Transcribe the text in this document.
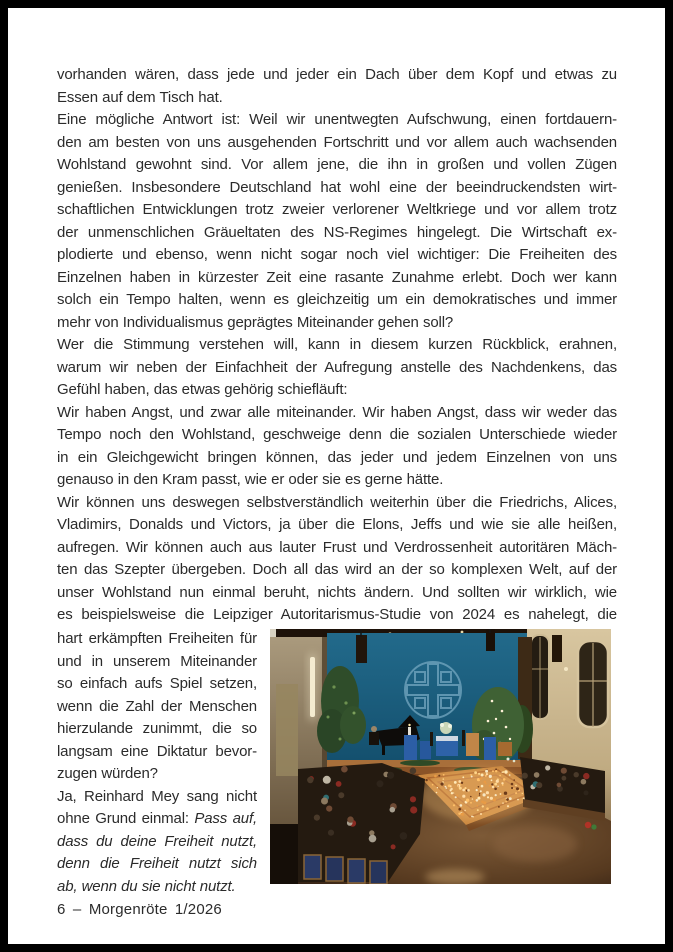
vorhanden wären, dass jede und jeder ein Dach über dem Kopf und etwas zu
Essen auf dem Tisch hat.
Eine mögliche Antwort ist: Weil wir unentwegten Aufschwung, einen fortdauern-
den am besten von uns ausgehenden Fortschritt und vor allem auch wachsenden
Wohlstand gewohnt sind. Vor allem jene, die ihn in großen und vollen Zügen
genießen. Insbesondere Deutschland hat wohl eine der beeindruckendsten wirt-
schaftlichen Entwicklungen trotz zweier verlorener Weltkriege und vor allem trotz
der unmenschlichen Gräueltaten des NS-Regimes hingelegt. Die Wirtschaft ex-
plodierte und ebenso, wenn nicht sogar noch viel wichtiger: Die Freiheiten des
Einzelnen haben in kürzester Zeit eine rasante Zunahme erlebt. Doch wer kann
solch ein Tempo halten, wenn es gleichzeitig um ein demokratisches und immer
mehr von Individualismus geprägtes Miteinander gehen soll?
Wer die Stimmung verstehen will, kann in diesem kurzen Rückblick, erahnen,
warum wir neben der Einfachheit der Aufregung anstelle des Nachdenkens, das
Gefühl haben, das etwas gehörig schiefläuft:
Wir haben Angst, und zwar alle miteinander. Wir haben Angst, dass wir weder das
Tempo noch den Wohlstand, geschweige denn die sozialen Unterschiede wieder
in ein Gleichgewicht bringen können, das jeder und jedem Einzelnen von uns
genauso in den Kram passt, wie er oder sie es gerne hätte.
Wir können uns deswegen selbstverständlich weiterhin über die Friedrichs, Alices,
Vladimirs, Donalds und Victors, ja über die Elons, Jeffs und wie sie alle heißen,
aufregen. Wir können auch aus lauter Frust und Verdrossenheit autoritären Mäch-
ten das Szepter übergeben. Doch all das wird an der so komplexen Welt, auf der
unser Wohlstand nun einmal beruht, nichts ändern. Und sollten wir wirklich, wie
es beispielsweise die Leipziger Autoritarismus-Studie von 2024 es nahelegt, die
hart erkämpften Freiheiten für
und in unserem Miteinander
so einfach aufs Spiel setzen,
wenn die Zahl der Menschen
hierzulande zunimmt, die so
langsam eine Diktatur bevor-
zugen würden?
Ja, Reinhard Mey sang nicht
ohne Grund einmal: Pass auf,
dass du deine Freiheit nutzt,
denn die Freiheit nutzt sich
ab, wenn du sie nicht nutzt.
6 – Morgenröte 1/2026
